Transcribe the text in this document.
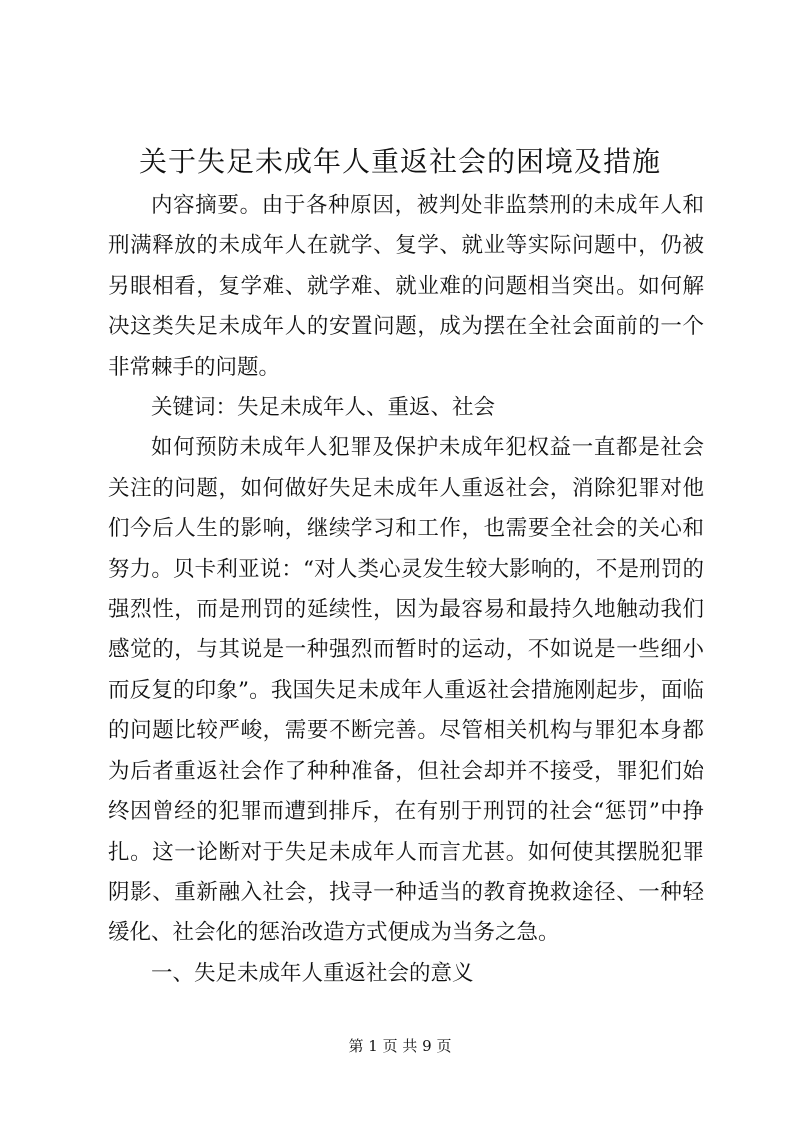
关于失足未成年人重返社会的困境及措施

内容摘要。由于各种原因，被判处非监禁刑的未成年人和刑满释放的未成年人在就学、复学、就业等实际问题中，仍被另眼相看，复学难、就学难、就业难的问题相当突出。如何解决这类失足未成年人的安置问题，成为摆在全社会面前的一个非常棘手的问题。

关键词：失足未成年人、重返、社会

如何预防未成年人犯罪及保护未成年犯权益一直都是社会关注的问题，如何做好失足未成年人重返社会，消除犯罪对他们今后人生的影响，继续学习和工作，也需要全社会的关心和努力。贝卡利亚说：“对人类心灵发生较大影响的，不是刑罚的强烈性，而是刑罚的延续性，因为最容易和最持久地触动我们感觉的，与其说是一种强烈而暂时的运动，不如说是一些细小而反复的印象”。我国失足未成年人重返社会措施刚起步，面临的问题比较严峻，需要不断完善。尽管相关机构与罪犯本身都为后者重返社会作了种种准备，但社会却并不接受，罪犯们始终因曾经的犯罪而遭到排斥，在有别于刑罚的社会“惩罚”中挣扎。这一论断对于失足未成年人而言尤甚。如何使其摆脱犯罪阴影、重新融入社会，找寻一种适当的教育挽救途径、一种轻缓化、社会化的惩治改造方式便成为当务之急。

一、失足未成年人重返社会的意义

第 1 页 共 9 页
